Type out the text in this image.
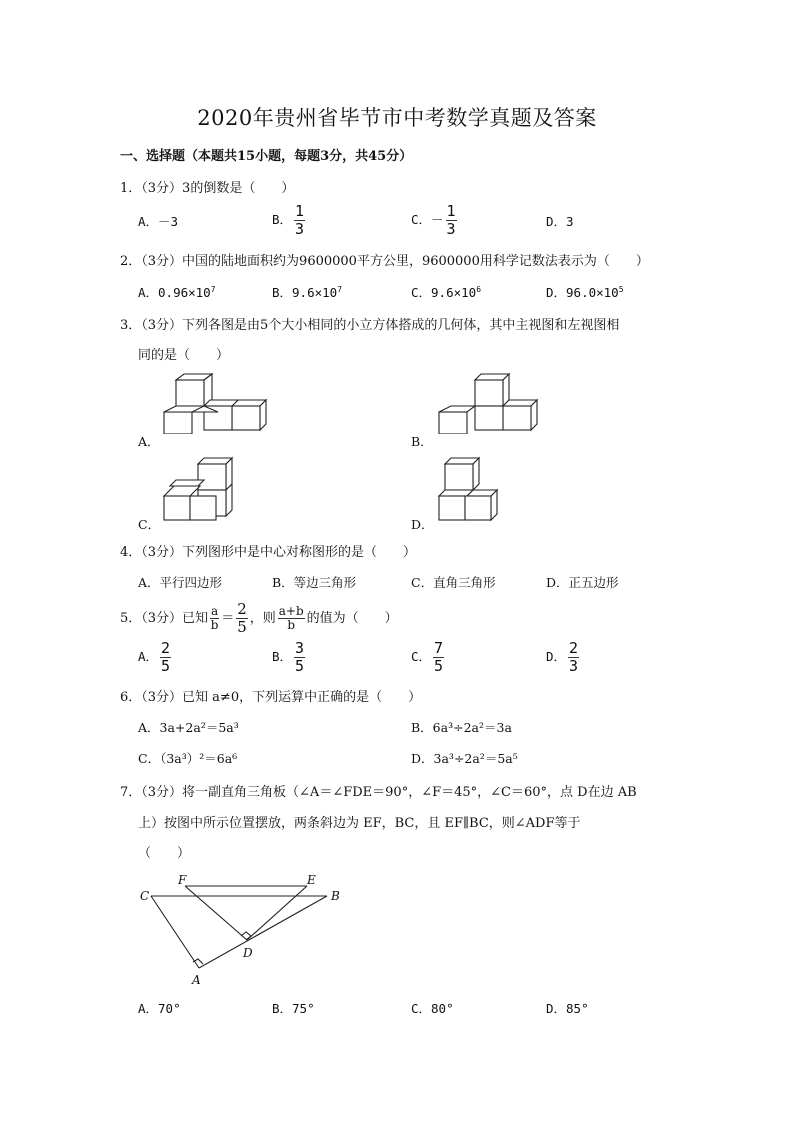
2020年贵州省毕节市中考数学真题及答案
一、选择题（本题共15小题，每题3分，共45分）
1．（3分）3的倒数是（　　）
A．－3	B． $\frac{1}{3}$	C．－ $\frac{1}{3}$	D．3
2．（3分）中国的陆地面积约为9600000平方公里，9600000用科学记数法表示为（　　）
A．$0.96\times 10^7$	B．$9.6\times 10^7$	C．$9.6\times 10^6$	D．$96.0\times 10^5$
3．（3分）下列各图是由5个大小相同的小立方体搭成的几何体，其中主视图和左视图相
同的是（　　）
A．	B．
C．	D．
4．（3分）下列图形中是中心对称图形的是（　　）
A．平行四边形	B．等边三角形	C．直角三角形	D．正五边形
5．（3分）已知 $\frac{a}{b} = \frac{2}{5}$ ，则 $\frac{a+b}{b}$ 的值为（　　）
A． $\frac{2}{5}$	B． $\frac{3}{5}$	C． $\frac{7}{5}$	D． $\frac{2}{3}$
6．（3分）已知 a≠0，下列运算中正确的是（　　）
A．3a+2a²＝5a³	B．6a³÷2a²＝3a
C．（3a³）²＝6a⁶	D．3a³÷2a²＝5a⁵
7．（3分）将一副直角三角板（∠A＝∠FDE＝90°，∠F＝45°，∠C＝60°，点 D在边 AB
上）按图中所示位置摆放，两条斜边为 EF，BC，且 EF∥BC，则∠ADF等于
（　　）
C
F	E
B
D
A
A．70°	B．75°	C．80°	D．85°
